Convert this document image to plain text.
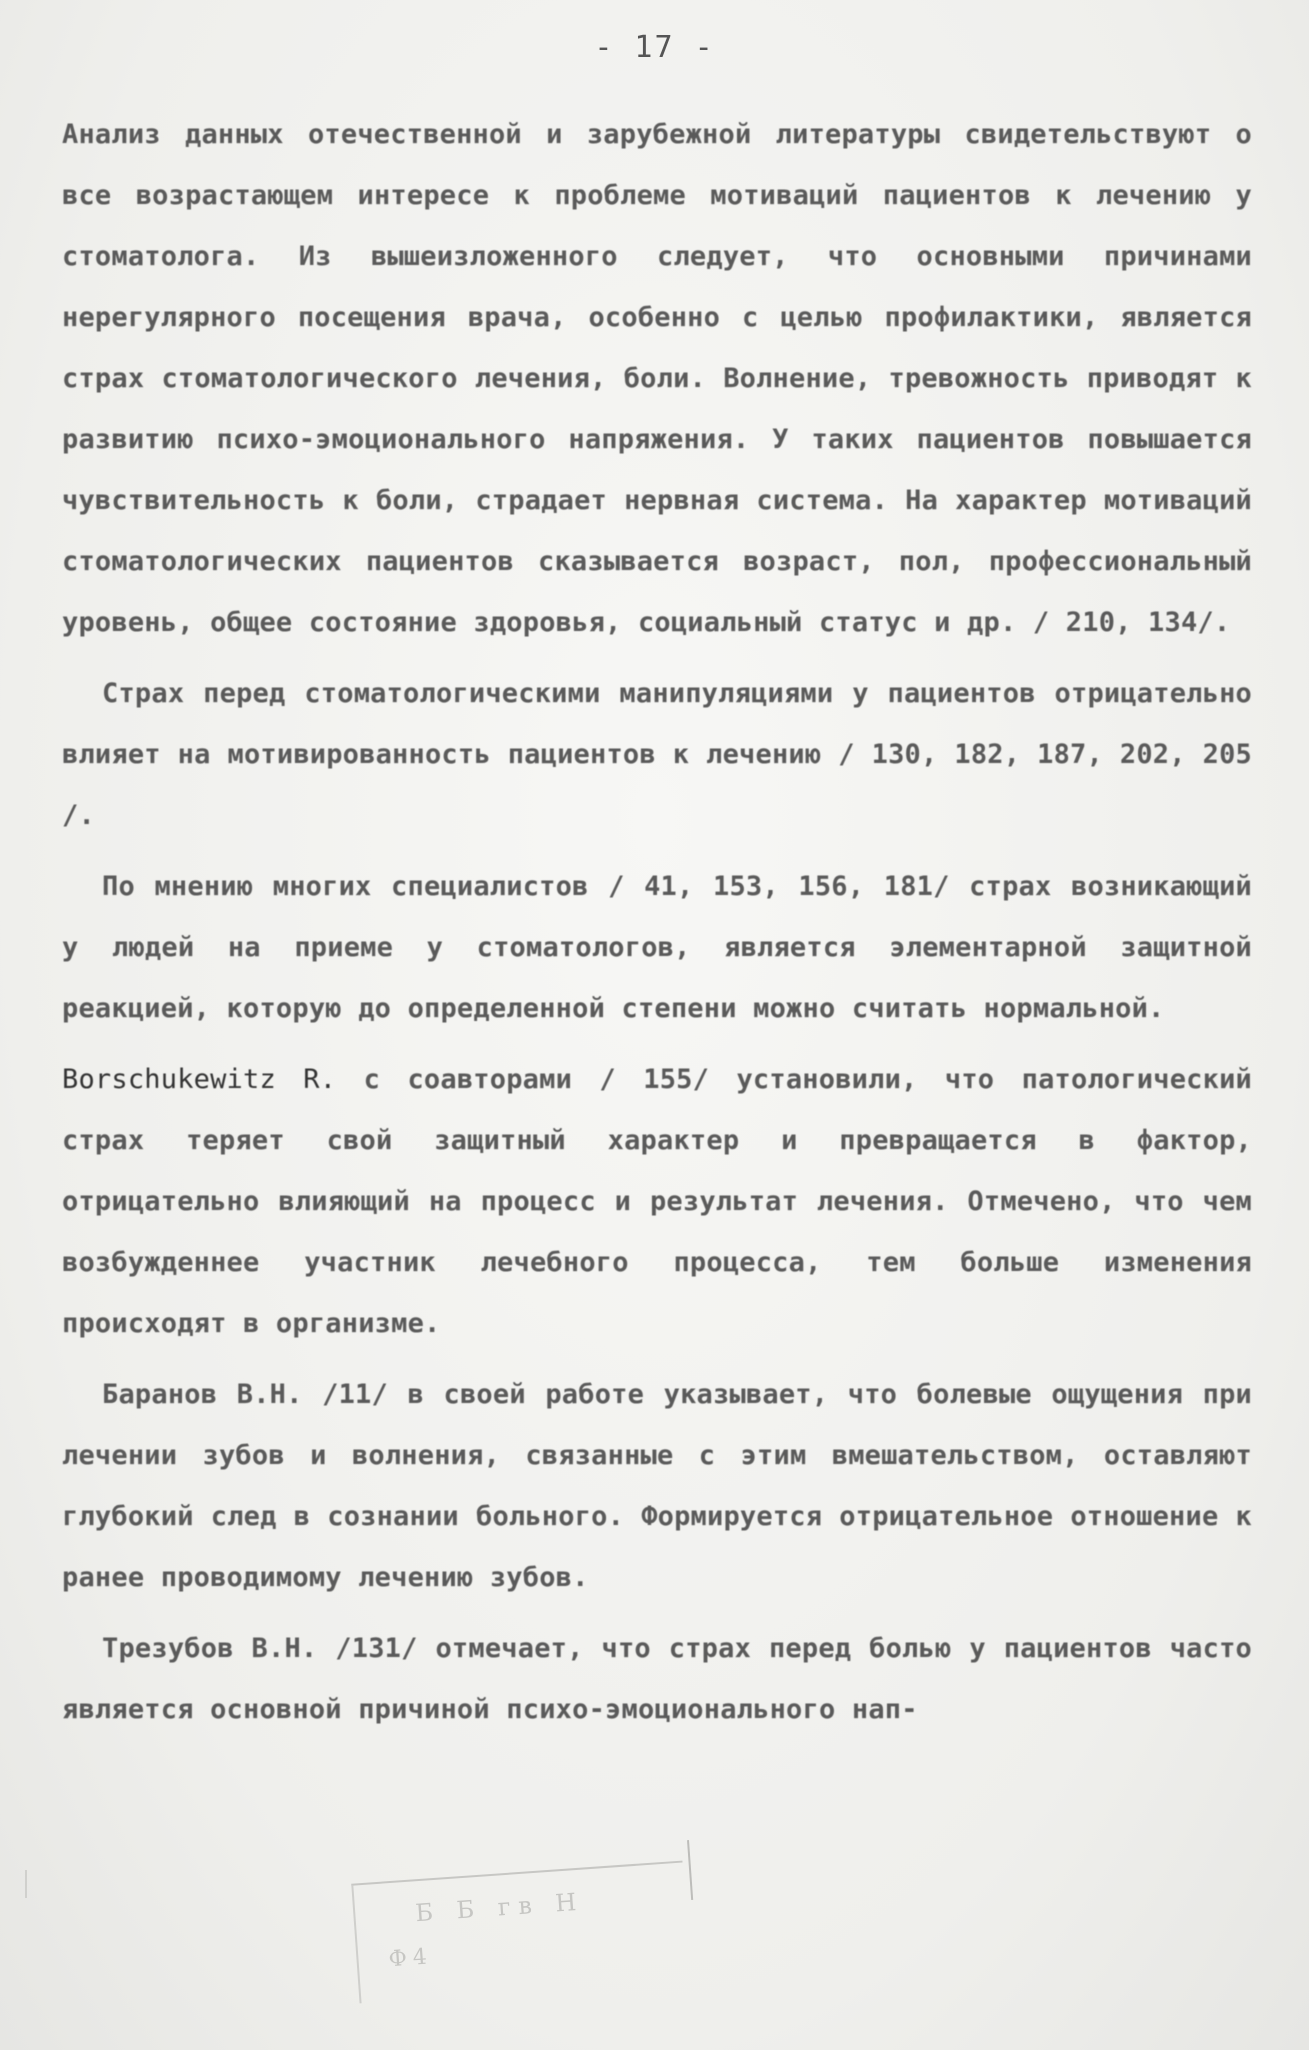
- 17 -

Анализ данных отечественной и зарубежной литературы свидетельствуют о все возрастающем интересе к проблеме мотиваций пациентов к лечению у стоматолога. Из вышеизложенного следует, что основными причинами нерегулярного посещения врача, особенно с целью профилактики, является страх стоматологического лечения, боли. Волнение, тревожность приводят к развитию психо-эмоционального напряжения. У таких пациентов повышается чувствительность к боли, страдает нервная система. На характер мотиваций стоматологических пациентов сказывается возраст, пол, профессиональный уровень, общее состояние здоровья, социальный статус и др. / 210, 134/.

Страх перед стоматологическими манипуляциями у пациентов отрицательно влияет на мотивированность пациентов к лечению / 130, 182, 187, 202, 205 /.

По мнению многих специалистов / 41, 153, 156, 181/ страх возникающий у людей на приеме у стоматологов, является элементарной защитной реакцией, которую до определенной степени можно считать нормальной.

Borschukewitz R. с соавторами / 155/ установили, что патологический страх теряет свой защитный характер и превращается в фактор, отрицательно влияющий на процесс и результат лечения. Отмечено, что чем возбужденнее участник лечебного процесса, тем больше изменения происходят в организме.

Баранов В.Н. /11/ в своей работе указывает, что болевые ощущения при лечении зубов и волнения, связанные с этим вмешательством, оставляют глубокий след в сознании больного. Формируется отрицательное отношение к ранее проводимому лечению зубов.

Трезубов В.Н. /131/ отмечает, что страх перед болью у пациентов часто является основной причиной психо-эмоционального нап-

Б Б гв Н
Ф4
